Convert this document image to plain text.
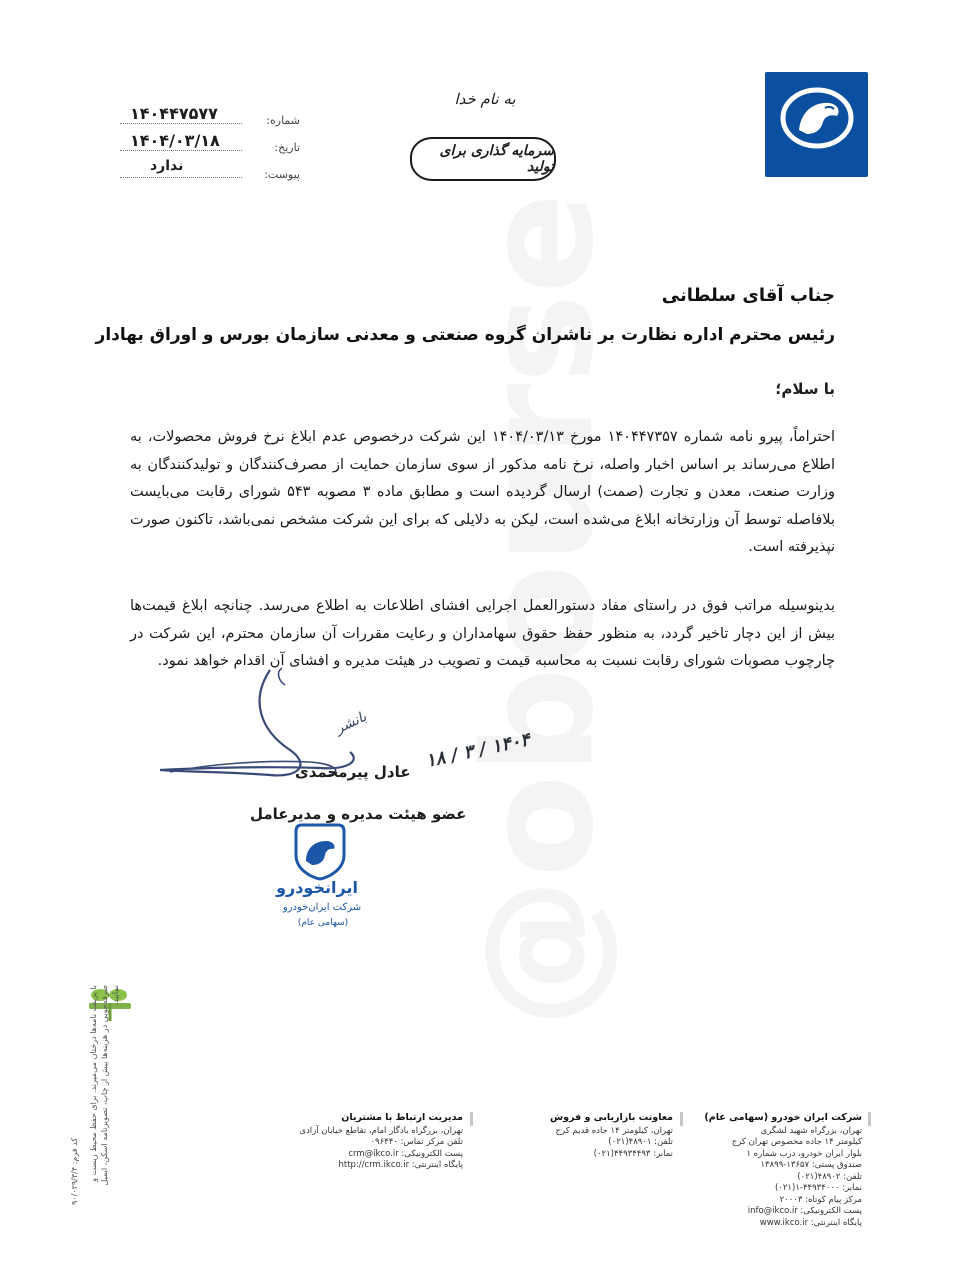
ایرانخودرو
به نام خدا
سرمایه گذاری برای تولید
شماره:
۱۴۰۴۴۷۵۷۷
تاریخ:
۱۴۰۴/۰۳/۱۸
پیوست:
ندارد
جناب آقای سلطانی
رئیس محترم اداره نظارت بر ناشران گروه صنعتی و معدنی سازمان بورس و اوراق بهادار
با سلام؛
احتراماً، پیرو نامه شماره ۱۴۰۴۴۷۳۵۷ مورخ ۱۴۰۴/۰۳/۱۳ این شرکت درخصوص عدم ابلاغ نرخ فروش محصولات، به اطلاع می‌رساند بر اساس اخبار واصله، نرخ نامه مذکور از سوی سازمان حمایت از مصرف‌کنندگان و تولیدکنندگان به وزارت صنعت، معدن و تجارت (صمت) ارسال گردیده است و مطابق ماده ۳ مصوبه ۵۴۳ شورای رقابت می‌بایست بلافاصله توسط آن وزارتخانه ابلاغ می‌شده است، لیکن به دلایلی که برای این شرکت مشخص نمی‌باشد، تاکنون صورت نپذیرفته است.
بدینوسیله مراتب فوق در راستای مفاد دستورالعمل اجرایی افشای اطلاعات به اطلاع می‌رسد. چنانچه ابلاغ قیمت‌ها بیش از این دچار تاخیر گردد، به منظور حفظ حقوق سهامداران و رعایت مقررات آن سازمان محترم، این شرکت در چارچوب مصوبات شورای رقابت نسبت به محاسبه قیمت و تصویب در هیئت مدیره و افشای آن اقدام خواهد نمود.
بانشر
۱۸ / ۳ / ۱۴۰۴
عادل پیرمحمدی
عضو هیئت مدیره و مدیرعامل
ایرانخودرو
شرکت ایران‌خودرو
(سهامی عام)
با پرینت نامه‌ها درختان می‌میرند. برای حفظ محیط زیست و صرفه‌جویی در هزینه‌ها پیش از چاپ، تصویرنامه اسکن، ایمیل نمایید.
کد فرم: ۹۰/۰۲۹/۳/۴
شرکت ایران خودرو (سهامی عام)
تهران، بزرگراه شهید لشگری
کیلومتر ۱۴ جاده مخصوص تهران کرج
بلوار ایران خودرو، درب شماره ۱
صندوق پستی: ۱۳۶۵۷-۱۳۸۹۹
تلفن: ۴۸۹۰۲(۰۲۱)
نمابر: ۴۴۹۳۴۰۰۰-۱(۰۲۱)
مرکز پیام کوتاه: ۲۰۰۰۳
پست الکترونیکی: info@ikco.ir
پایگاه اینترنتی: www.ikco.ir
معاونت بازاریابی و فروش
تهران، کیلومتر ۱۴ جاده قدیم کرج
تلفن: ۴۸۹۰۱(۰۲۱)
نمابر: ۴۴۹۳۴۴۹۳(۰۲۱)
مدیریت ارتباط با مشتریان
تهران، بزرگراه یادگار امام، تقاطع خیابان آزادی
تلفن مرکز تماس: ۰۹۶۴۴۰
پست الکترونیکی: crm@ikco.ir
پایگاه اینترنتی: http://crm.ikco.ir
